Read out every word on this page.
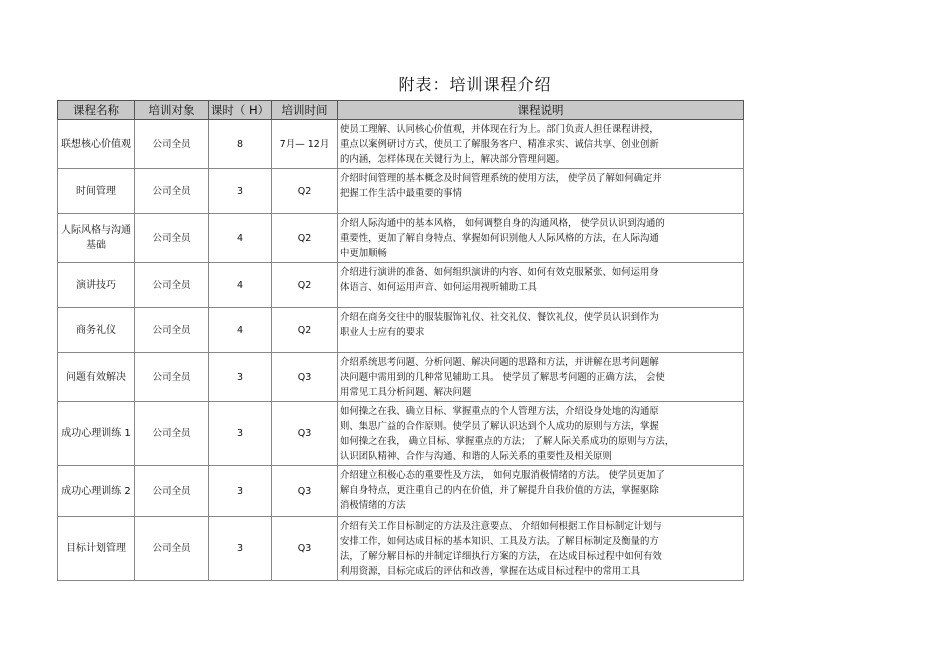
附表：培训课程介绍
课程名称	培训对象	课时（ H）	培训时间	课程说明
联想核心价值观	公司全员	8	7月— 12月	使员工理解、认同核心价值观，并体现在行为上。部门负责人担任课程讲授，
重点以案例研讨方式，使员工了解服务客户、精准求实、诚信共享、创业创新
的内涵，怎样体现在关键行为上，解决部分管理问题。
时间管理	公司全员	3	Q2	介绍时间管理的基本概念及时间管理系统的使用方法， 使学员了解如何确定并
把握工作生活中最重要的事情
人际风格与沟通基础	公司全员	4	Q2	介绍人际沟通中的基本风格， 如何调整自身的沟通风格， 使学员认识到沟通的
重要性，更加了解自身特点、掌握如何识别他人人际风格的方法，在人际沟通
中更加顺畅
演讲技巧	公司全员	4	Q2	介绍进行演讲的准备、如何组织演讲的内容、如何有效克服紧张、如何运用身
体语言、如何运用声音、如何运用视听辅助工具
商务礼仪	公司全员	4	Q2	介绍在商务交往中的服装服饰礼仪、社交礼仪、餐饮礼仪，使学员认识到作为
职业人士应有的要求
问题有效解决	公司全员	3	Q3	介绍系统思考问题、分析问题、解决问题的思路和方法，并讲解在思考问题解
决问题中需用到的几种常见辅助工具。 使学员了解思考问题的正确方法， 会使
用常见工具分析问题、解决问题
成功心理训练 1	公司全员	3	Q3	如何操之在我、确立目标、掌握重点的个人管理方法，介绍设身处地的沟通原
则、集思广益的合作原则。使学员了解认识达到个人成功的原则与方法，掌握
如何操之在我， 确立目标、掌握重点的方法； 了解人际关系成功的原则与方法，
认识团队精神、合作与沟通、和谐的人际关系的重要性及相关原则
成功心理训练 2	公司全员	3	Q3	介绍建立积极心态的重要性及方法， 如何克服消极情绪的方法。 使学员更加了
解自身特点，更注重自己的内在价值，并了解提升自我价值的方法，掌握驱除
消极情绪的方法
目标计划管理	公司全员	3	Q3	介绍有关工作目标制定的方法及注意要点、 介绍如何根据工作目标制定计划与
安排工作，如何达成目标的基本知识、工具及方法。了解目标制定及衡量的方
法，了解分解目标的并制定详细执行方案的方法， 在达成目标过程中如何有效
利用资源，目标完成后的评估和改善，掌握在达成目标过程中的常用工具
